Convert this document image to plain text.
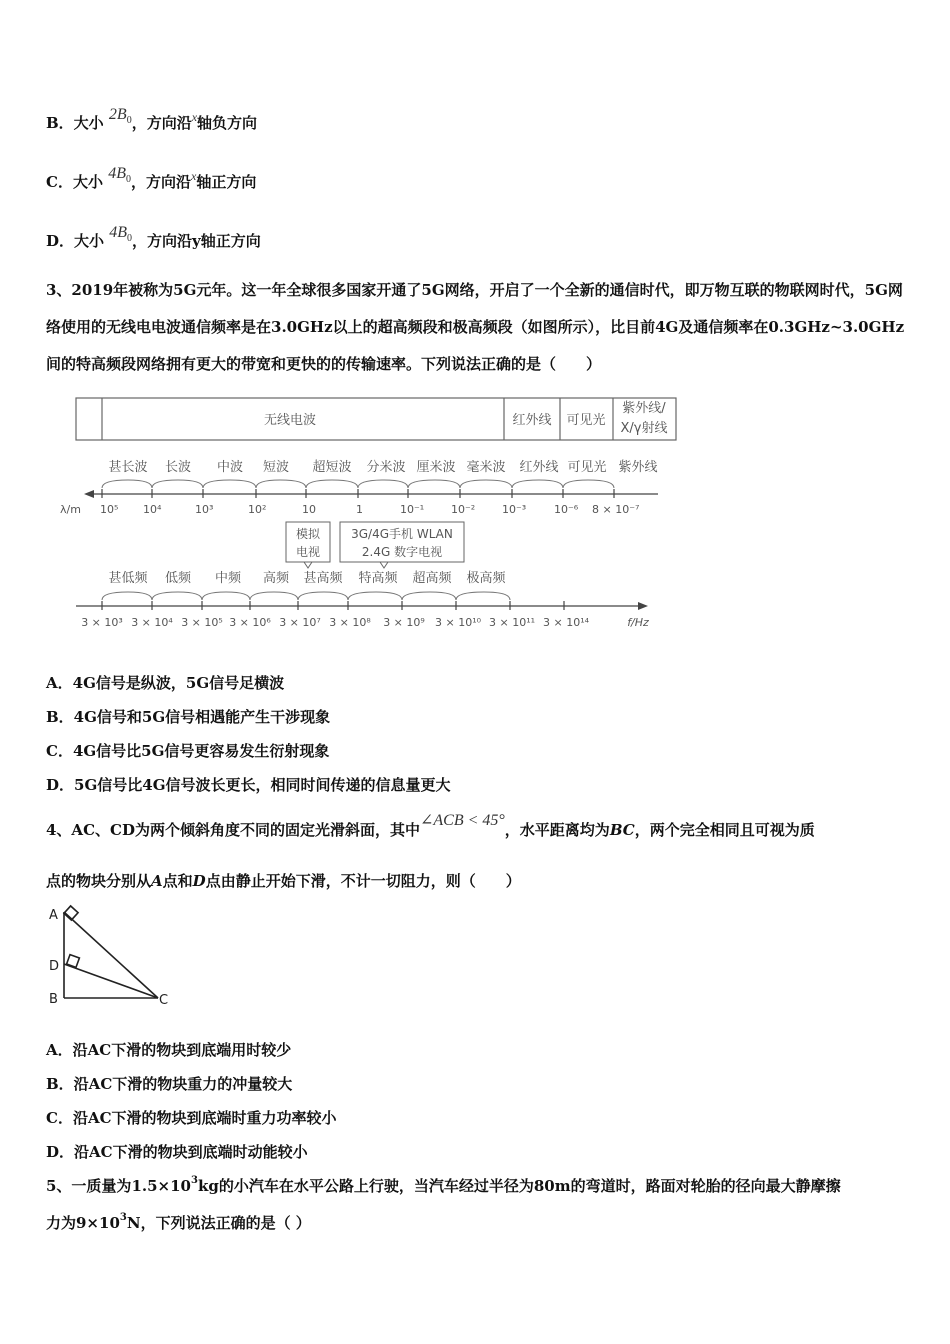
B．大小 $2B_0$，方向沿$^x$轴负方向
C．大小 $4B_0$，方向沿$^x$轴正方向
D．大小 $4B_0$，方向沿y轴正方向
3、2019年被称为5G元年。这一年全球很多国家开通了5G网络，开启了一个全新的通信时代，即万物互联的物联网时代，5G网络使用的无线电电波通信频率是在3.0GHz以上的超高频段和极高频段（如图所示），比目前4G及通信频率在0.3GHz~3.0GHz间的特高频段网络拥有更大的带宽和更快的的传输速率。下列说法正确的是（　　）
无线电波	红外线 可见光
紫外线/
X/γ射线
甚长波 长波 中波 短波 超短波 分米波 厘米波 毫米波 红外线 可见光 紫外线
λ/m 10⁵ 10⁴	10³	10²	10	1	10⁻¹ 10⁻² 10⁻³	10⁻⁶ 8 × 10⁻⁷
模拟
电视
3G/4G手机 WLAN
2.4G 数字电视
甚低频 低频 中频 高频 甚高频 特高频 超高频 极高频
3 × 10³ 3 × 10⁴ 3 × 10⁵ 3 × 10⁶ 3 × 10⁷ 3 × 10⁸ 3 × 10⁹ 3 × 10¹⁰ 3 × 10¹¹ 3 × 10¹⁴	f/Hz
A．4G信号是纵波，5G信号足横波
B．4G信号和5G信号相遇能产生干涉现象
C．4G信号比5G信号更容易发生衍射现象
D．5G信号比4G信号波长更长，相同时间传递的信息量更大
4、AC、CD为两个倾斜角度不同的固定光滑斜面，其中∠ACB < 45°，水平距离均为BC，两个完全相同且可视为质
点的物块分别从A点和D点由静止开始下滑，不计一切阻力，则（　　）
A
D
B	C
A．沿AC下滑的物块到底端用时较少
B．沿AC下滑的物块重力的冲量较大
C．沿AC下滑的物块到底端时重力功率较小
D．沿AC下滑的物块到底端时动能较小
5、一质量为$1.5\times 10^3kg$的小汽车在水平公路上行驶，当汽车经过半径为80m的弯道时，路面对轮胎的径向最大静摩擦
力为$9\times 10^3N$，下列说法正确的是（ ）
